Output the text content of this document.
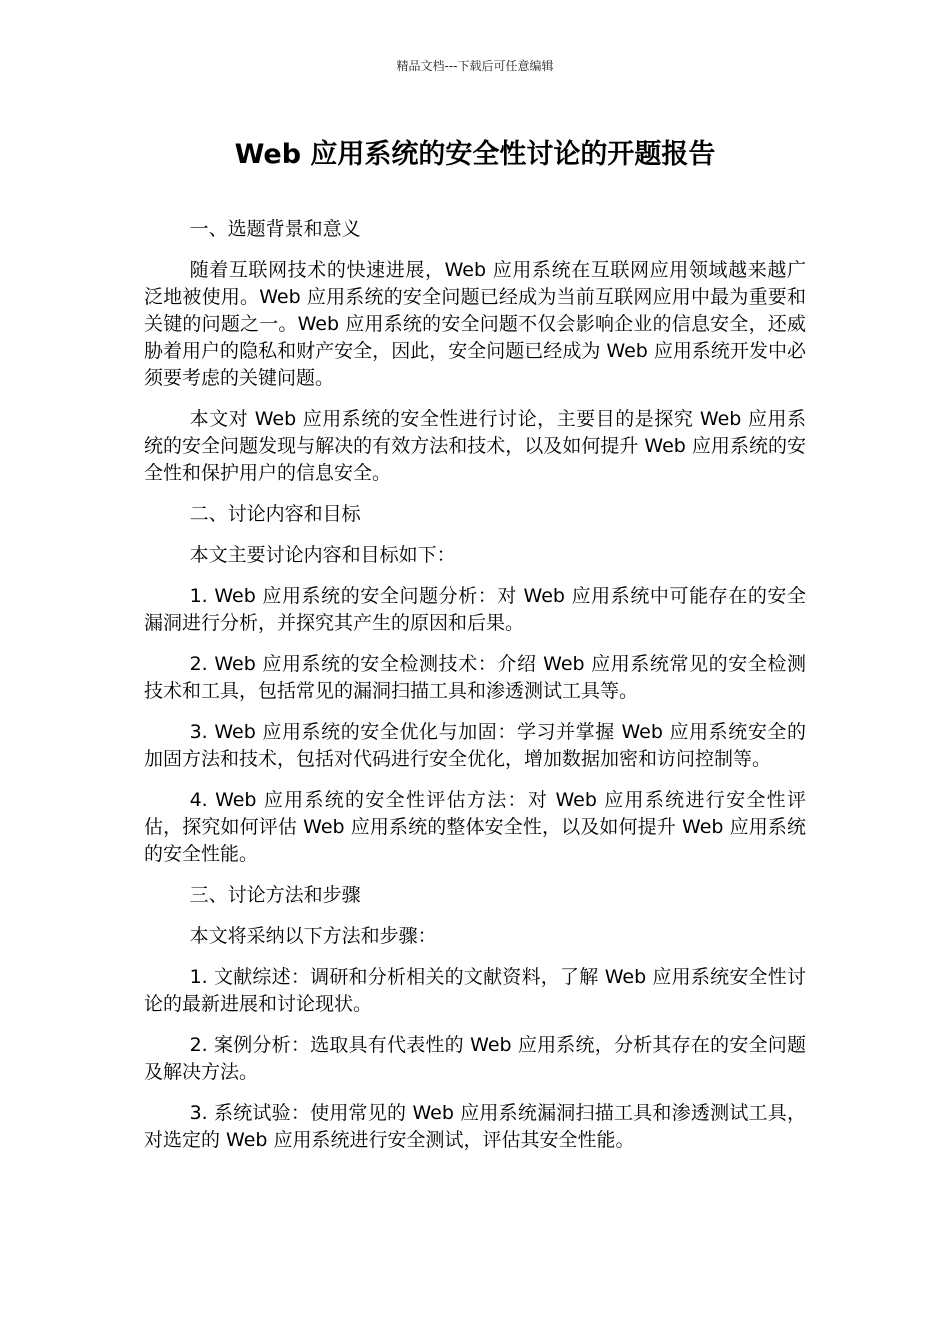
精品文档---下载后可任意编辑
Web 应用系统的安全性讨论的开题报告

一、选题背景和意义

随着互联网技术的快速进展，Web 应用系统在互联网应用领域越来越广泛地被使用。Web 应用系统的安全问题已经成为当前互联网应用中最为重要和关键的问题之一。Web 应用系统的安全问题不仅会影响企业的信息安全，还威胁着用户的隐私和财产安全，因此，安全问题已经成为 Web 应用系统开发中必须要考虑的关键问题。

本文对 Web 应用系统的安全性进行讨论，主要目的是探究 Web 应用系统的安全问题发现与解决的有效方法和技术，以及如何提升 Web 应用系统的安全性和保护用户的信息安全。

二、讨论内容和目标

本文主要讨论内容和目标如下：

1. Web 应用系统的安全问题分析：对 Web 应用系统中可能存在的安全漏洞进行分析，并探究其产生的原因和后果。

2. Web 应用系统的安全检测技术：介绍 Web 应用系统常见的安全检测技术和工具，包括常见的漏洞扫描工具和渗透测试工具等。

3. Web 应用系统的安全优化与加固：学习并掌握 Web 应用系统安全的加固方法和技术，包括对代码进行安全优化，增加数据加密和访问控制等。

4. Web 应用系统的安全性评估方法：对 Web 应用系统进行安全性评估，探究如何评估 Web 应用系统的整体安全性，以及如何提升 Web 应用系统的安全性能。

三、讨论方法和步骤

本文将采纳以下方法和步骤：

1. 文献综述：调研和分析相关的文献资料，了解 Web 应用系统安全性讨论的最新进展和讨论现状。

2. 案例分析：选取具有代表性的 Web 应用系统，分析其存在的安全问题及解决方法。

3. 系统试验：使用常见的 Web 应用系统漏洞扫描工具和渗透测试工具，对选定的 Web 应用系统进行安全测试，评估其安全性能。
